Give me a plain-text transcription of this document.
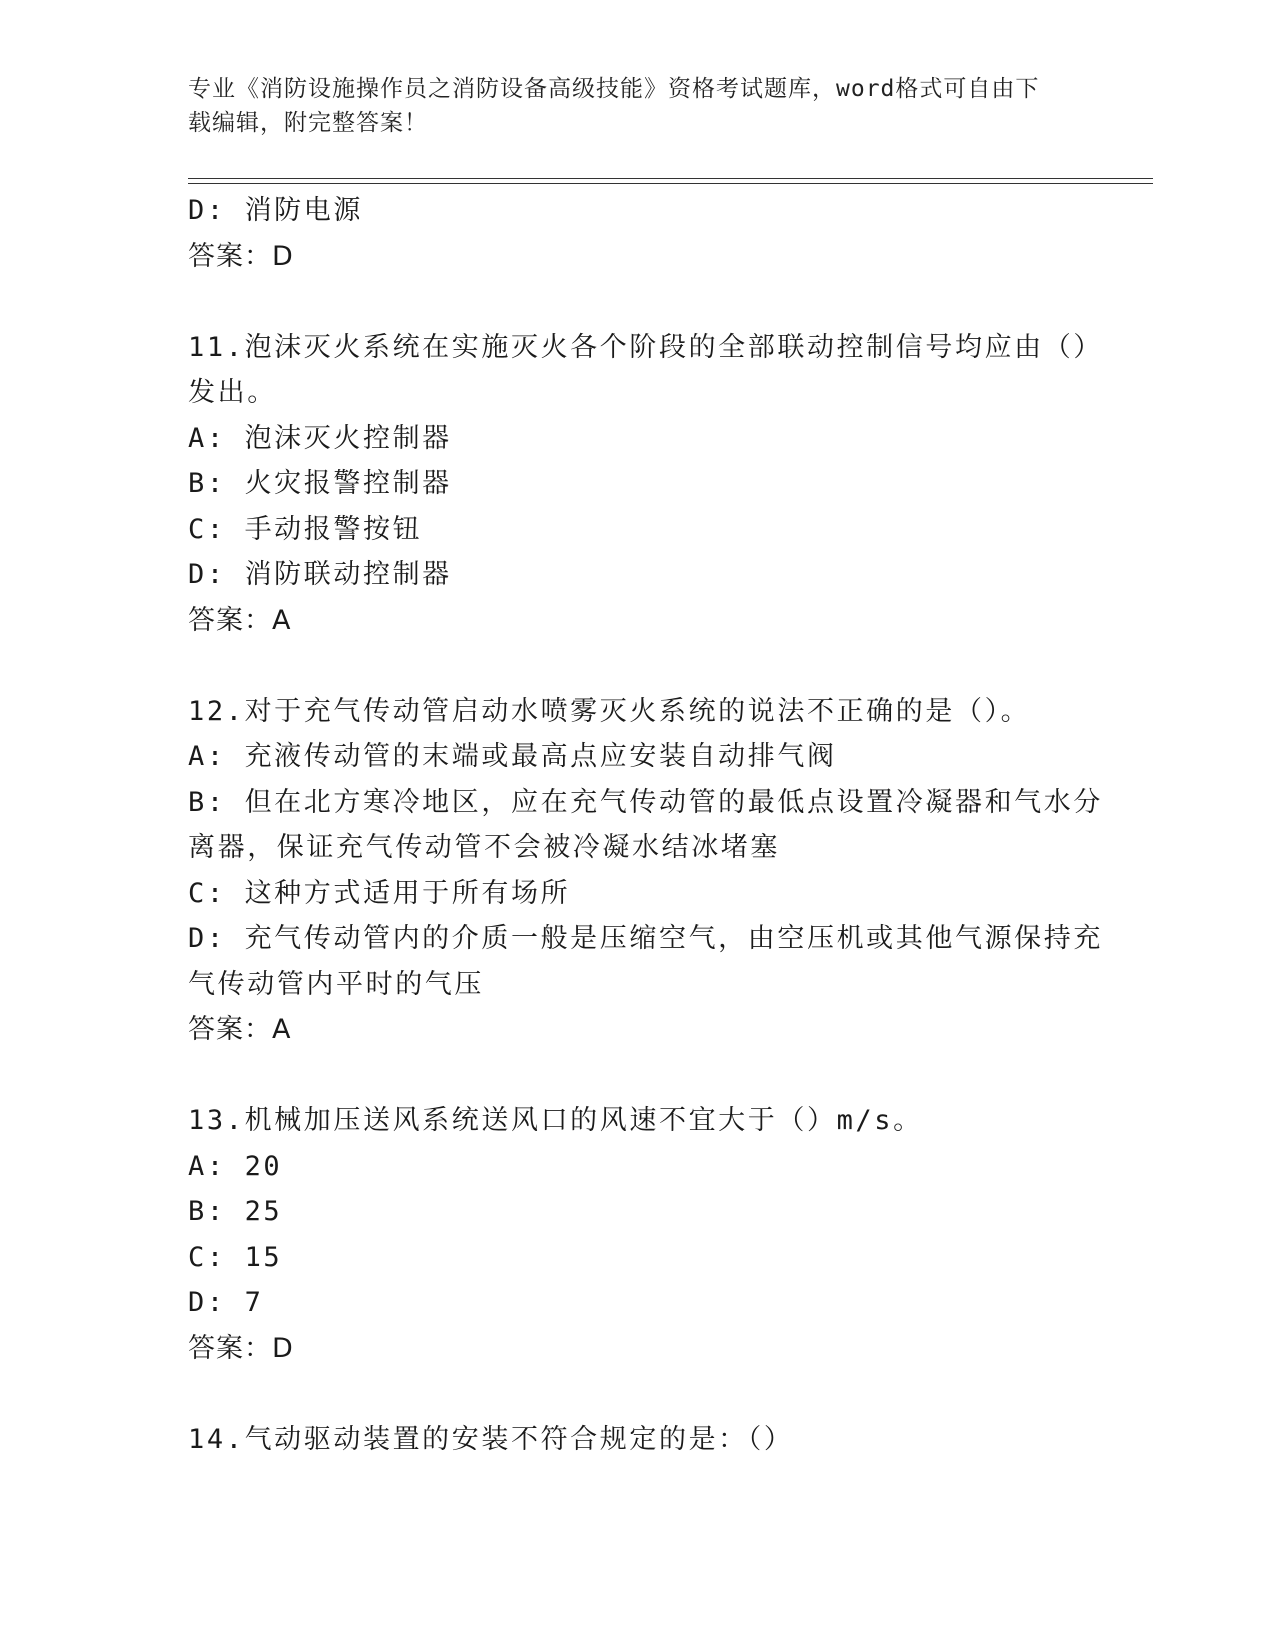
专业《消防设施操作员之消防设备高级技能》资格考试题库，word格式可自由下
载编辑，附完整答案！
D: 消防电源
答案：D
11.泡沫灭火系统在实施灭火各个阶段的全部联动控制信号均应由（）
发出。
A: 泡沫灭火控制器
B: 火灾报警控制器
C: 手动报警按钮
D: 消防联动控制器
答案：A
12.对于充气传动管启动水喷雾灭火系统的说法不正确的是（）。
A: 充液传动管的末端或最高点应安装自动排气阀
B: 但在北方寒冷地区，应在充气传动管的最低点设置冷凝器和气水分
离器，保证充气传动管不会被冷凝水结冰堵塞
C: 这种方式适用于所有场所
D: 充气传动管内的介质一般是压缩空气，由空压机或其他气源保持充
气传动管内平时的气压
答案：A
13.机械加压送风系统送风口的风速不宜大于（）m/s。
A: 20
B: 25
C: 15
D: 7
答案：D
14.气动驱动装置的安装不符合规定的是：（）
